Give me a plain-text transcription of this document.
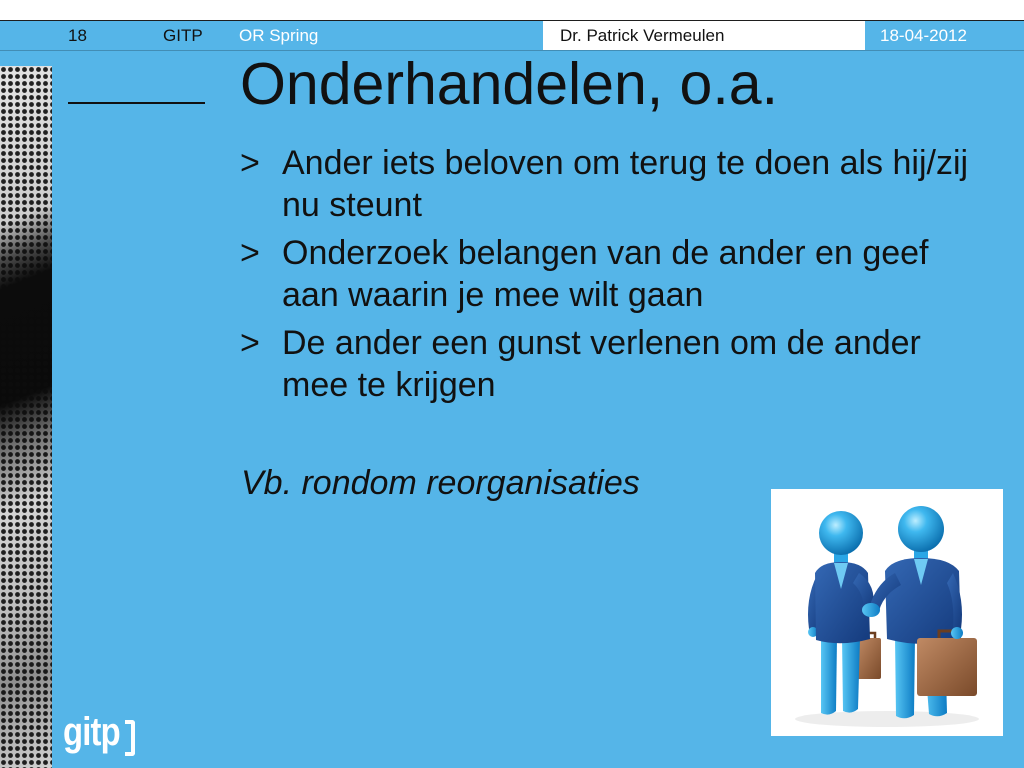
18	GITP OR Spring	Dr. Patrick Vermeulen	18-04-2012
Onderhandelen, o.a.
> Ander iets beloven om terug te doen als hij/zij nu steunt
> Onderzoek belangen van de ander en geef aan waarin je mee wilt gaan
> De ander een gunst verlenen om de ander mee te krijgen

Vb. rondom reorganisaties

gitp
